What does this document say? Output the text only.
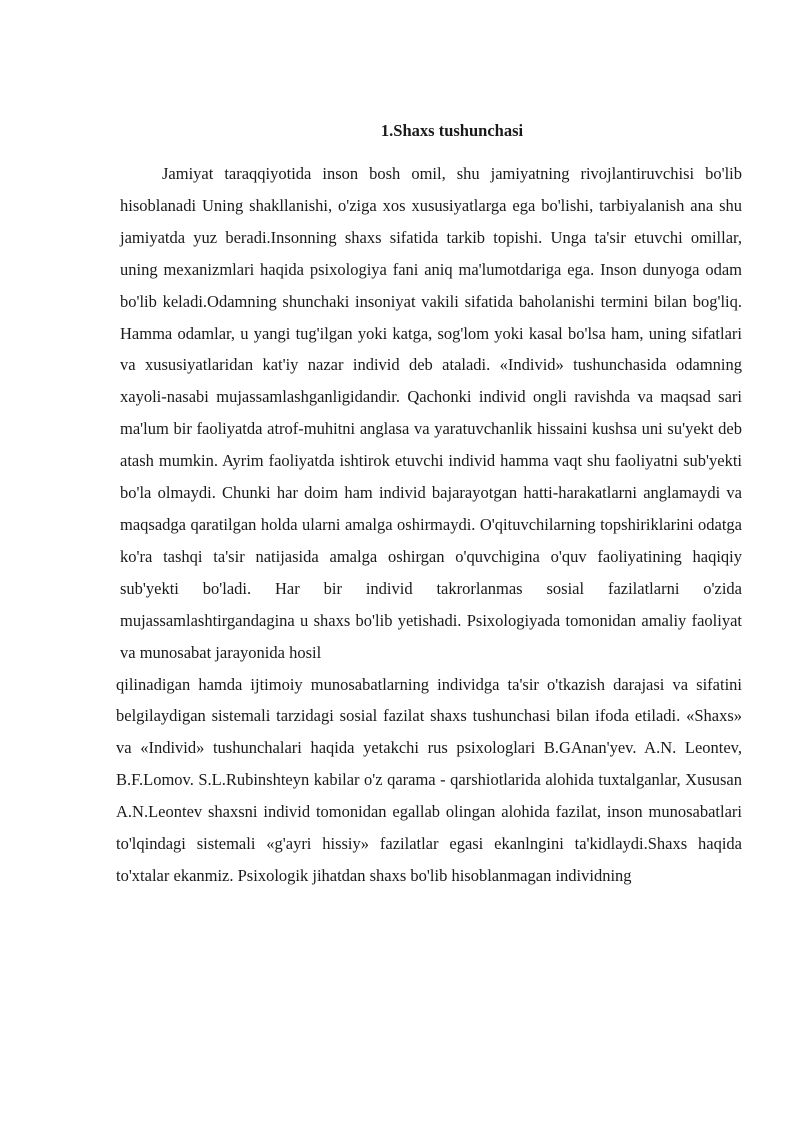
1.Shaxs tushunchasi

Jamiyat taraqqiyotida inson bosh omil, shu jamiyatning rivojlantiruvchisi bo'lib hisoblanadi Uning shakllanishi, o'ziga xos xususiyatlarga ega bo'lishi, tarbiyalanish ana shu jamiyatda yuz beradi.Insonning shaxs sifatida tarkib topishi. Unga ta'sir etuvchi omillar, uning mexanizmlari haqida psixologiya fani aniq ma'lumotdariga ega. Inson dunyoga odam bo'lib keladi.Odamning shunchaki insoniyat vakili sifatida baholanishi termini bilan bog'liq. Hamma odamlar, u yangi tug'ilgan yoki katga, sog'lom yoki kasal bo'lsa ham, uning sifatlari va xususiyatlaridan kat'iy nazar individ deb ataladi. «Individ» tushunchasida odamning xayoli-nasabi mujassamlashganligidandir. Qachonki individ ongli ravishda va maqsad sari ma'lum bir faoliyatda atrof-muhitni anglasa va yaratuvchanlik hissaini kushsa uni su'yekt deb atash mumkin. Ayrim faoliyatda ishtirok etuvchi individ hamma vaqt shu faoliyatni sub'yekti bo'la olmaydi. Chunki har doim ham individ bajarayotgan hatti-harakatlarni anglamaydi va maqsadga qaratilgan holda ularni amalga oshirmaydi. O'qituvchilarning topshiriklarini odatga ko'ra tashqi ta'sir natijasida amalga oshirgan o'quvchigina o'quv faoliyatining haqiqiy sub'yekti bo'ladi. Har bir individ takrorlanmas sosial fazilatlarni o'zida mujassamlashtirgandagina u shaxs bo'lib yetishadi. Psixologiyada tomonidan amaliy faoliyat va munosabat jarayonida hosil

qilinadigan hamda ijtimoiy munosabatlarning individga ta'sir o'tkazish darajasi va sifatini belgilaydigan sistemali tarzidagi sosial fazilat shaxs tushunchasi bilan ifoda etiladi. «Shaxs» va «Individ» tushunchalari haqida yetakchi rus psixologlari B.GAnan'yev. A.N. Leontev, B.F.Lomov. S.L.Rubinshteyn kabilar o'z qarama - qarshiotlarida alohida tuxtalganlar, Xususan A.N.Leontev shaxsni individ tomonidan egallab olingan alohida fazilat, inson munosabatlari to'lqindagi sistemali «g'ayri hissiy» fazilatlar egasi ekanlngini ta'kidlaydi.Shaxs haqida to'xtalar ekanmiz. Psixologik jihatdan shaxs bo'lib hisoblanmagan individning
